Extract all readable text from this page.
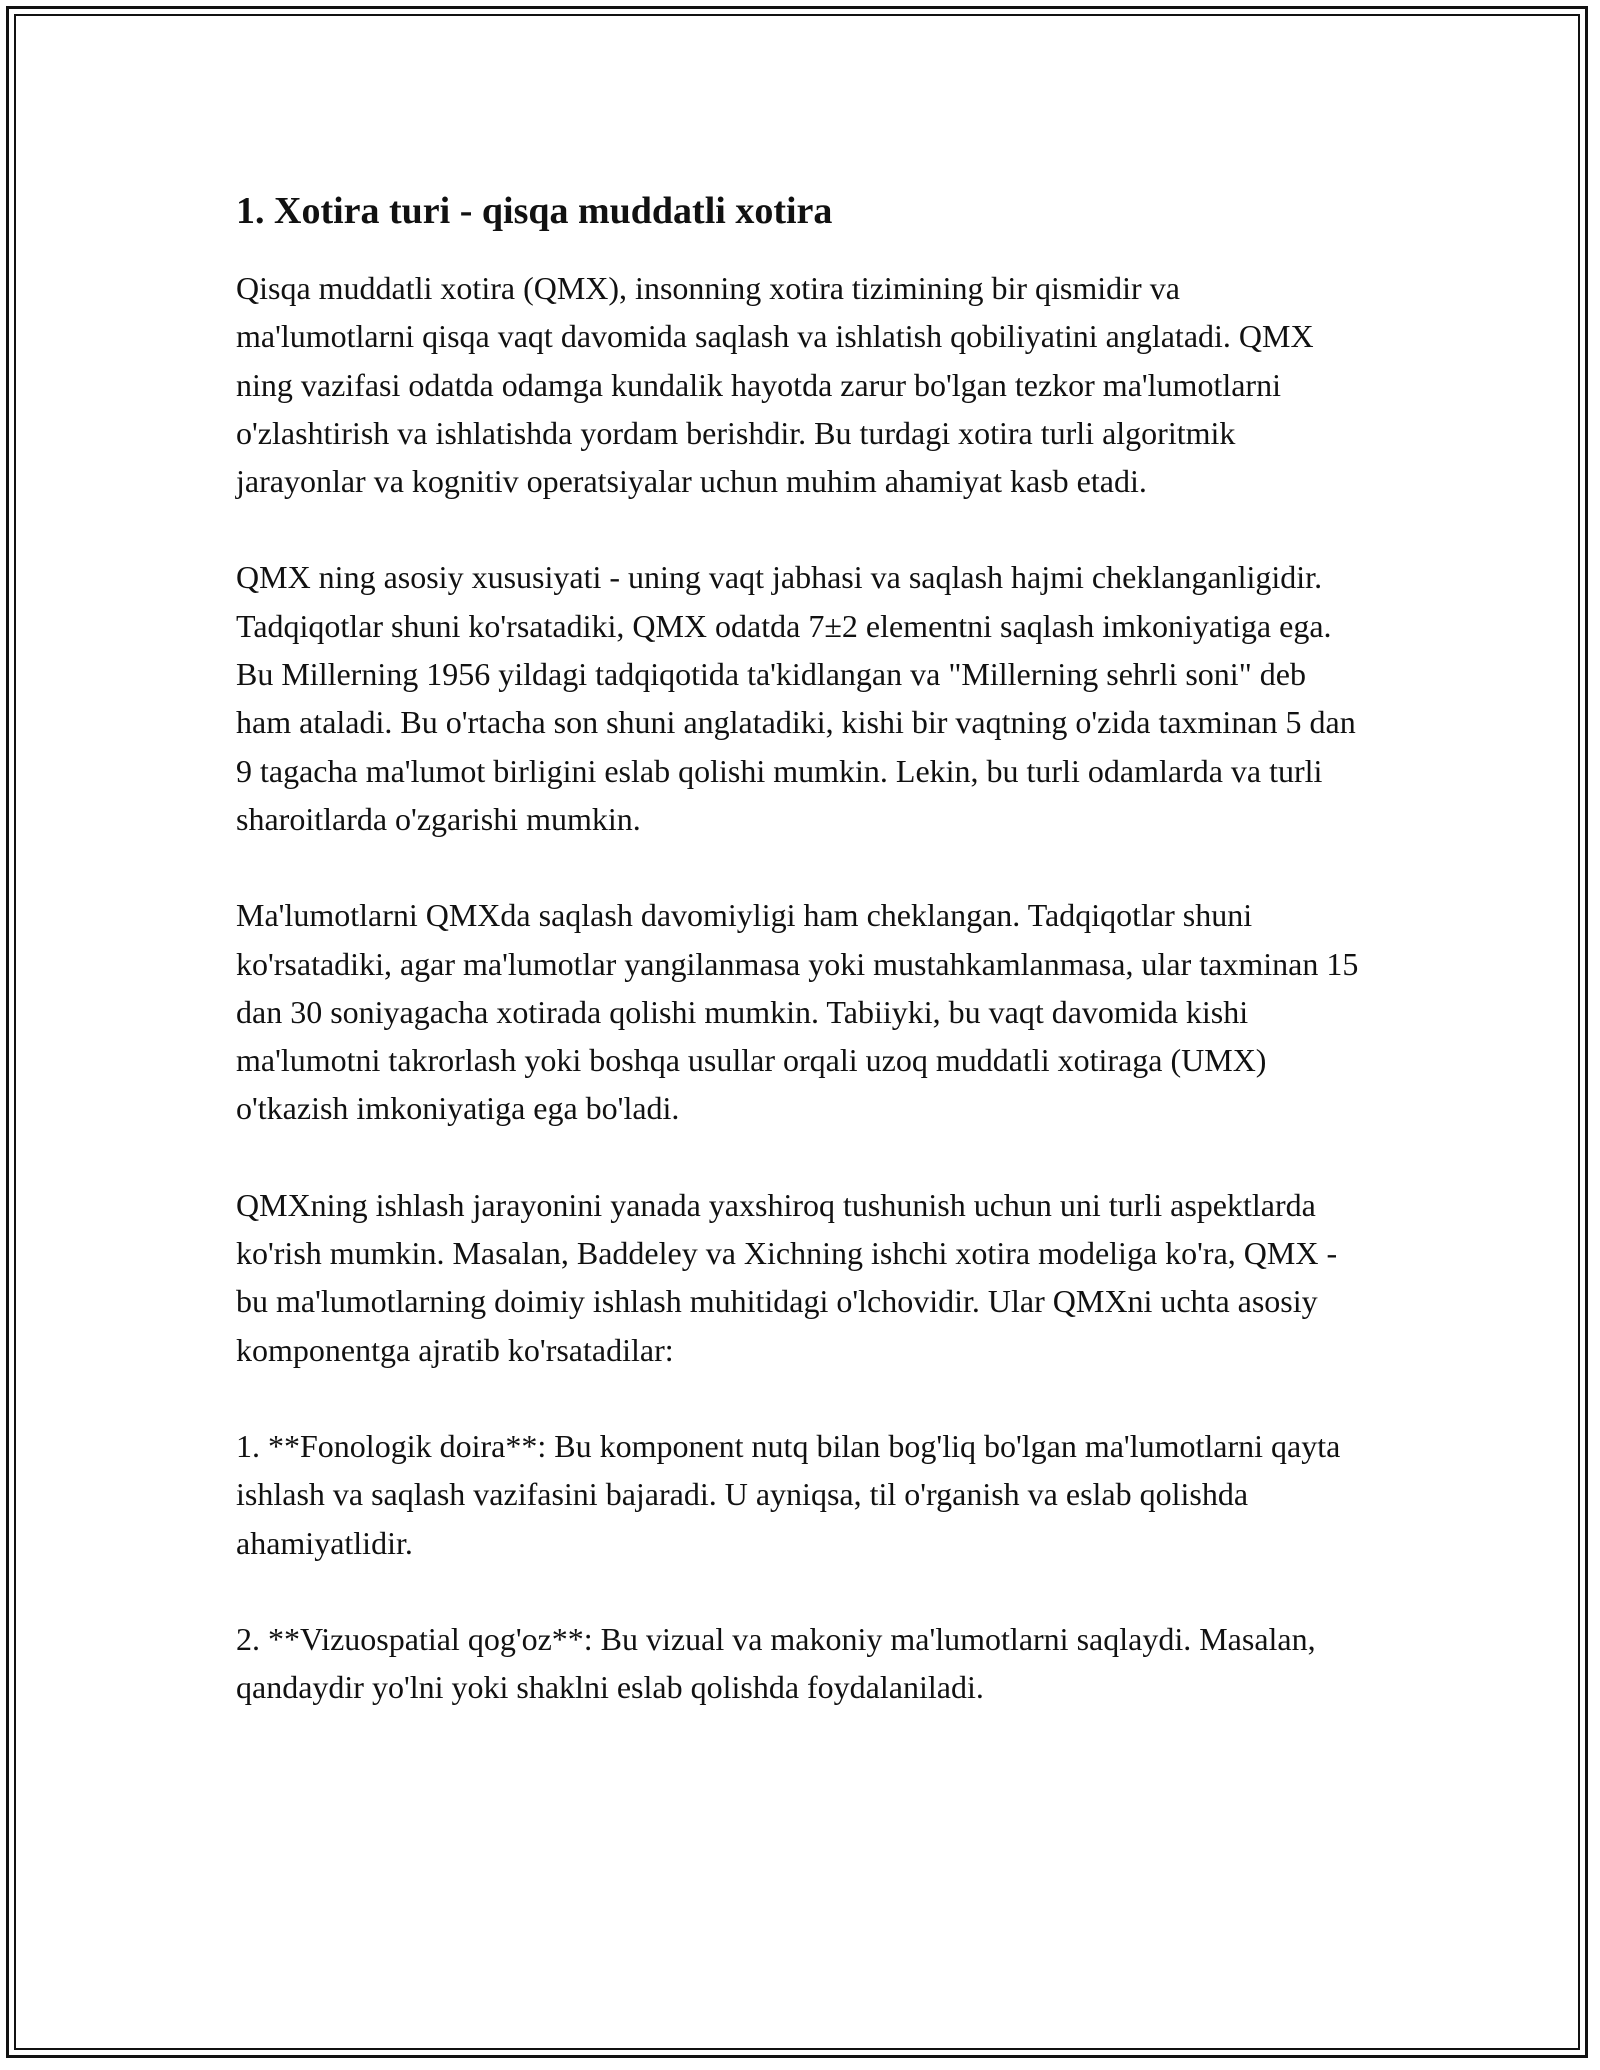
1. Xotira turi - qisqa muddatli xotira

Qisqa muddatli xotira (QMX), insonning xotira tizimining bir qismidir va ma'lumotlarni qisqa vaqt davomida saqlash va ishlatish qobiliyatini anglatadi. QMX ning vazifasi odatda odamga kundalik hayotda zarur bo'lgan tezkor ma'lumotlarni o'zlashtirish va ishlatishda yordam berishdir. Bu turdagi xotira turli algoritmik jarayonlar va kognitiv operatsiyalar uchun muhim ahamiyat kasb etadi.

QMX ning asosiy xususiyati - uning vaqt jabhasi va saqlash hajmi cheklanganligidir. Tadqiqotlar shuni ko'rsatadiki, QMX odatda 7±2 elementni saqlash imkoniyatiga ega. Bu Millerning 1956 yildagi tadqiqotida ta'kidlangan va "Millerning sehrli soni" deb ham ataladi. Bu o'rtacha son shuni anglatadiki, kishi bir vaqtning o'zida taxminan 5 dan 9 tagacha ma'lumot birligini eslab qolishi mumkin. Lekin, bu turli odamlarda va turli sharoitlarda o'zgarishi mumkin.

Ma'lumotlarni QMXda saqlash davomiyligi ham cheklangan. Tadqiqotlar shuni ko'rsatadiki, agar ma'lumotlar yangilanmasa yoki mustahkamlanmasa, ular taxminan 15 dan 30 soniyagacha xotirada qolishi mumkin. Tabiiyki, bu vaqt davomida kishi ma'lumotni takrorlash yoki boshqa usullar orqali uzoq muddatli xotiraga (UMX) o'tkazish imkoniyatiga ega bo'ladi.

QMXning ishlash jarayonini yanada yaxshiroq tushunish uchun uni turli aspektlarda ko'rish mumkin. Masalan, Baddeley va Xichning ishchi xotira modeliga ko'ra, QMX - bu ma'lumotlarning doimiy ishlash muhitidagi o'lchovidir. Ular QMXni uchta asosiy komponentga ajratib ko'rsatadilar:

1. **Fonologik doira**: Bu komponent nutq bilan bog'liq bo'lgan ma'lumotlarni qayta ishlash va saqlash vazifasini bajaradi. U ayniqsa, til o'rganish va eslab qolishda ahamiyatlidir.

2. **Vizuospatial qog'oz**: Bu vizual va makoniy ma'lumotlarni saqlaydi. Masalan, qandaydir yo'lni yoki shaklni eslab qolishda foydalaniladi.
